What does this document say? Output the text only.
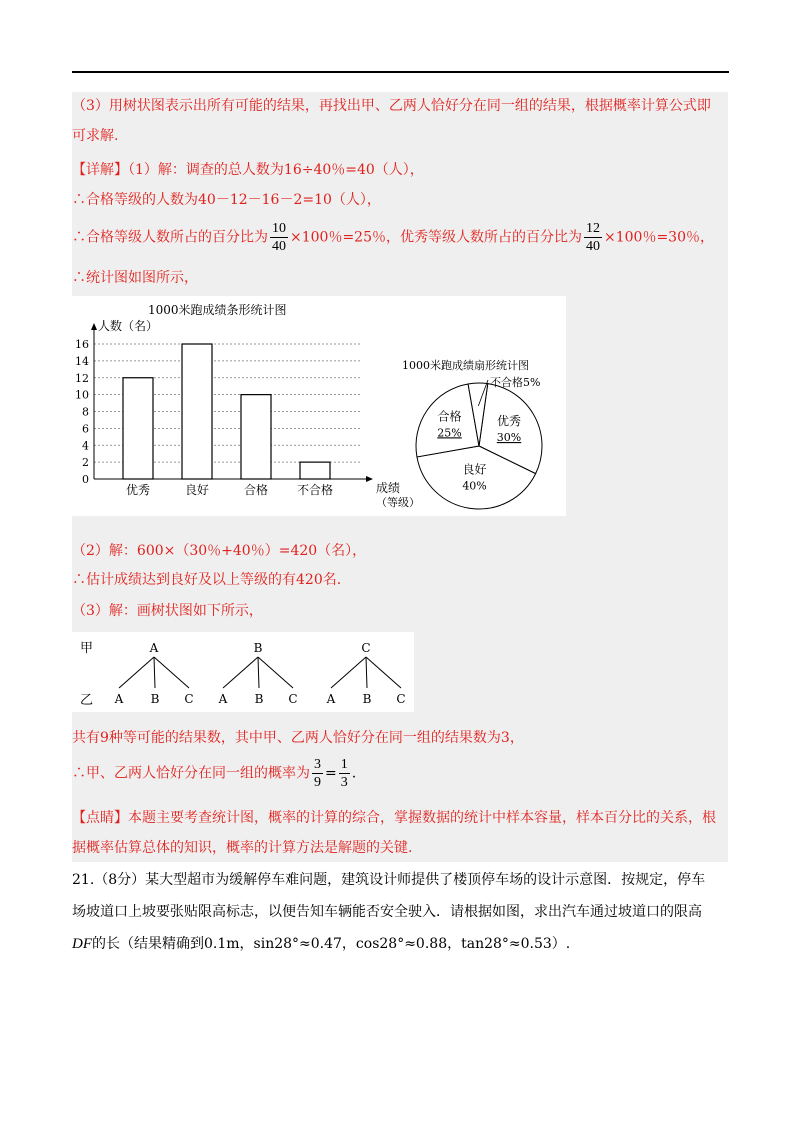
（3）用树状图表示出所有可能的结果，再找出甲、乙两人恰好分在同一组的结果，根据概率计算公式即
可求解.
【详解】（1）解：调查的总人数为16÷40％=40（人），
∴合格等级的人数为40－12－16－2=10（人），
∴合格等级人数所占的百分比为 $\frac{10}{40} \times 100$％=25％，优秀等级人数所占的百分比为 $\frac{12}{40} \times 100$％=30％，
∴统计图如图所示，
1000米跑成绩条形统计图
人数（名）
0
2
4
6
8
10
12
14
16
优秀	良好	合格 不合格	成绩
（等级）
1000米跑成绩扇形统计图
优秀
30%
良好
40%
合格
25%
不合格5%
（2）解：600×（30％+40％）=420（名），
∴估计成绩达到良好及以上等级的有420名.
（3）解：画树状图如下所示，
甲
乙
A
A B C
B
A B C
C
A B C
共有9种等可能的结果数，其中甲、乙两人恰好分在同一组的结果数为3，
∴甲、乙两人恰好分在同一组的概率为 $\frac{3}{9} = \frac{1}{3}$ .
【点睛】本题主要考查统计图，概率的计算的综合，掌握数据的统计中样本容量，样本百分比的关系，根
据概率估算总体的知识，概率的计算方法是解题的关键.
21.（8分）某大型超市为缓解停车难问题，建筑设计师提供了楼顶停车场的设计示意图．按规定，停车
场坡道口上坡要张贴限高标志，以便告知车辆能否安全驶入．请根据如图，求出汽车通过坡道口的限高
DF的长（结果精确到0.1m，sin28°≈0.47，cos28°≈0.88，tan28°≈0.53）.
